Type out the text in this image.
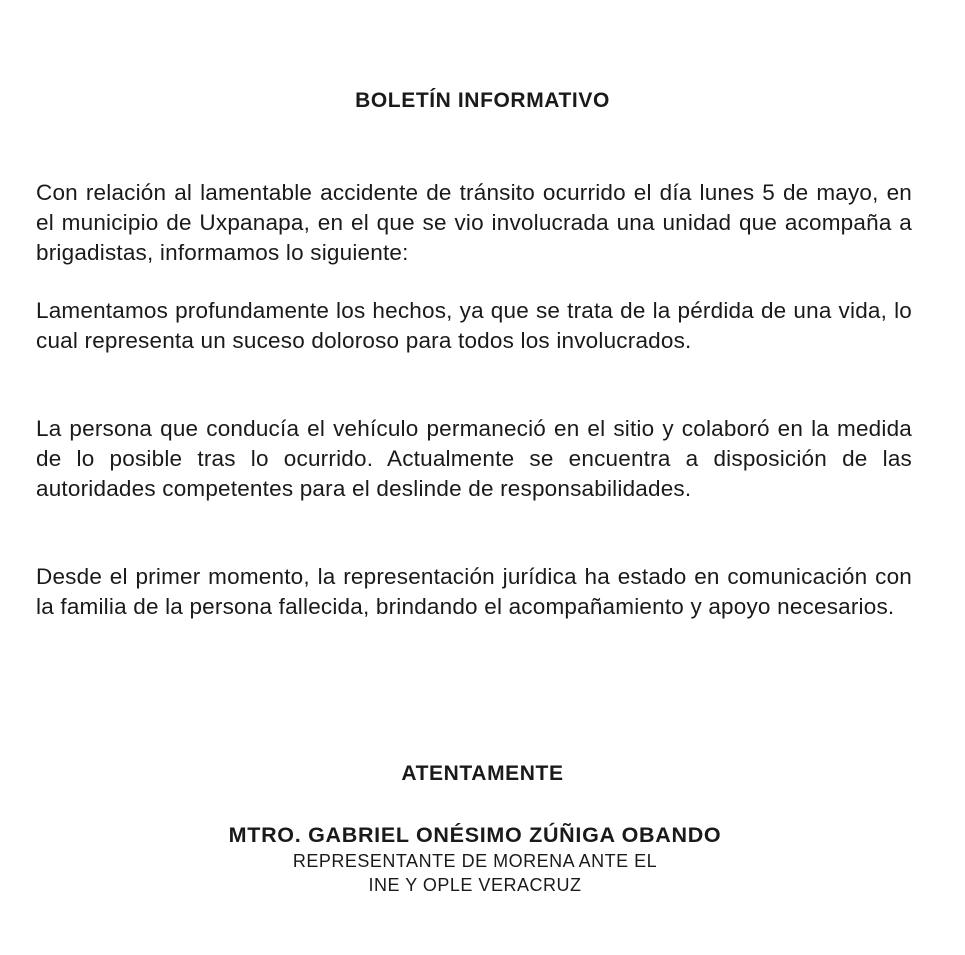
BOLETÍN INFORMATIVO

Con relación al lamentable accidente de tránsito ocurrido el día lunes 5 de mayo, en el municipio de Uxpanapa, en el que se vio involucrada una unidad que acompaña a brigadistas, informamos lo siguiente:

Lamentamos profundamente los hechos, ya que se trata de la pérdida de una vida, lo cual representa un suceso doloroso para todos los involucrados.

La persona que conducía el vehículo permaneció en el sitio y colaboró en la medida de lo posible tras lo ocurrido. Actualmente se encuentra a disposición de las autoridades competentes para el deslinde de responsabilidades.

Desde el primer momento, la representación jurídica ha estado en comunicación con la familia de la persona fallecida, brindando el acompañamiento y apoyo necesarios.

ATENTAMENTE

MTRO. GABRIEL ONÉSIMO ZÚÑIGA OBANDO

REPRESENTANTE DE MORENA ANTE EL

INE Y OPLE VERACRUZ
